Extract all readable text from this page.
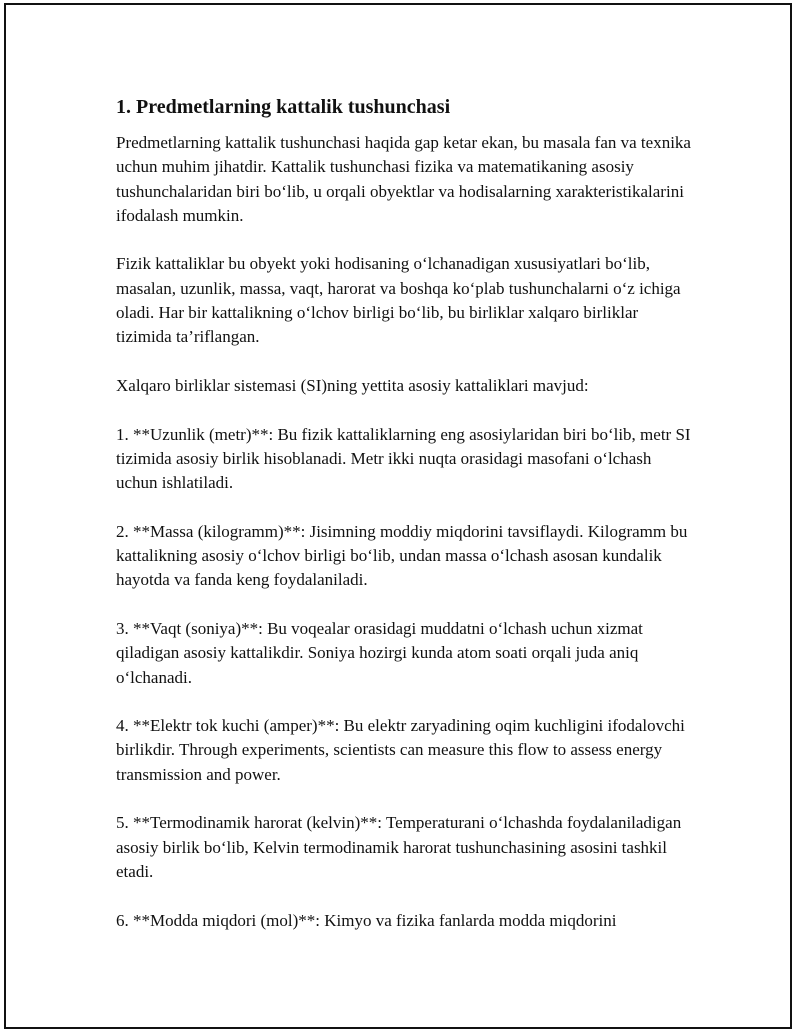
1. Predmetlarning kattalik tushunchasi

Predmetlarning kattalik tushunchasi haqida gap ketar ekan, bu masala fan va texnika uchun muhim jihatdir. Kattalik tushunchasi fizika va matematikaning asosiy tushunchalaridan biri bo‘lib, u orqali obyektlar va hodisalarning xarakteristikalarini ifodalash mumkin.

Fizik kattaliklar bu obyekt yoki hodisaning o‘lchanadigan xususiyatlari bo‘lib, masalan, uzunlik, massa, vaqt, harorat va boshqa ko‘plab tushunchalarni o‘z ichiga oladi. Har bir kattalikning o‘lchov birligi bo‘lib, bu birliklar xalqaro birliklar tizimida ta’riflangan.

Xalqaro birliklar sistemasi (SI)ning yettita asosiy kattaliklari mavjud:

1. **Uzunlik (metr)**: Bu fizik kattaliklarning eng asosiylaridan biri bo‘lib, metr SI tizimida asosiy birlik hisoblanadi. Metr ikki nuqta orasidagi masofani o‘lchash uchun ishlatiladi.

2. **Massa (kilogramm)**: Jisimning moddiy miqdorini tavsiflaydi. Kilogramm bu kattalikning asosiy o‘lchov birligi bo‘lib, undan massa o‘lchash asosan kundalik hayotda va fanda keng foydalaniladi.

3. **Vaqt (soniya)**: Bu voqealar orasidagi muddatni o‘lchash uchun xizmat qiladigan asosiy kattalikdir. Soniya hozirgi kunda atom soati orqali juda aniq o‘lchanadi.

4. **Elektr tok kuchi (amper)**: Bu elektr zaryadining oqim kuchligini ifodalovchi birlikdir. Through experiments, scientists can measure this flow to assess energy transmission and power.

5. **Termodinamik harorat (kelvin)**: Temperaturani o‘lchashda foydalaniladigan asosiy birlik bo‘lib, Kelvin termodinamik harorat tushunchasining asosini tashkil etadi.

6. **Modda miqdori (mol)**: Kimyo va fizika fanlarda modda miqdorini
